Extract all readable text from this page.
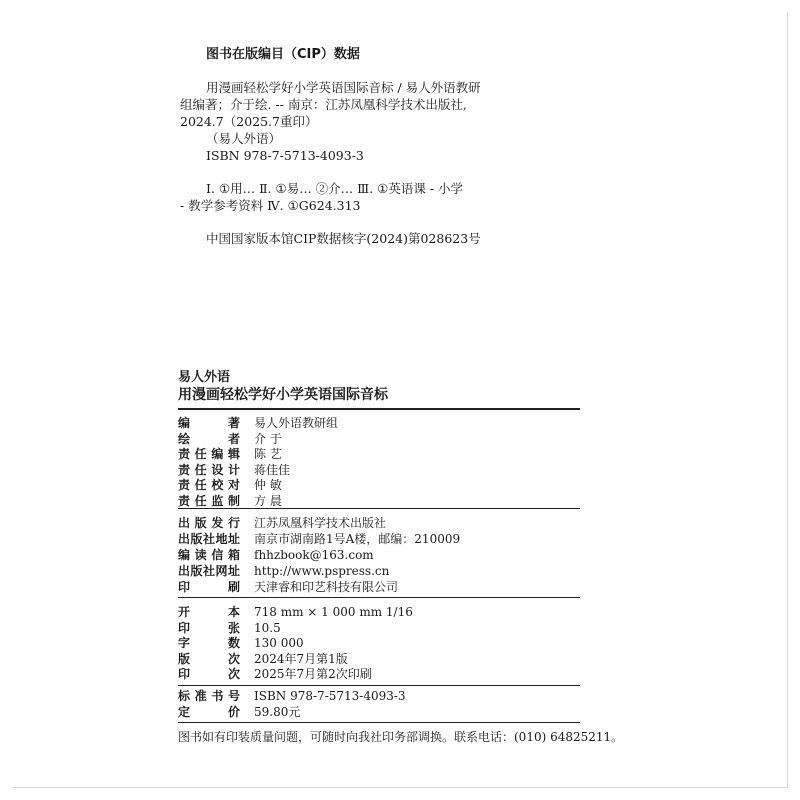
图书在版编目（CIP）数据
用漫画轻松学好小学英语国际音标 / 易人外语教研
组编著；介于绘. -- 南京：江苏凤凰科学技术出版社,
2024.7（2025.7重印）
（易人外语）
ISBN 978-7-5713-4093-3
Ⅰ. ①用… Ⅱ. ①易… ②介… Ⅲ. ①英语课 - 小学
- 教学参考资料 Ⅳ. ①G624.313
中国国家版本馆CIP数据核字(2024)第028623号
易人外语
用漫画轻松学好小学英语国际音标
编	著 易人外语教研组
绘	者 介 于
责 任 编 辑 陈 艺
责 任 设 计 蒋佳佳
责 任 校 对 仲 敏
责 任 监 制 方 晨
出 版 发 行 江苏凤凰科学技术出版社
出 版 社 地 址 南京市湖南路1号A楼，邮编：210009
编 读 信 箱 fhhzbook@163.com
出 版 社 网 址 http://www.pspress.cn
印	刷 天津睿和印艺科技有限公司
开	本 718 mm × 1 000 mm 1/16
印	张 10.5
字	数 130 000
版	次 2024年7月第1版
印	次 2025年7月第2次印刷
标 准 书 号 ISBN 978-7-5713-4093-3
定	价 59.80元
图书如有印装质量问题，可随时向我社印务部调换。联系电话：(010) 64825211。
